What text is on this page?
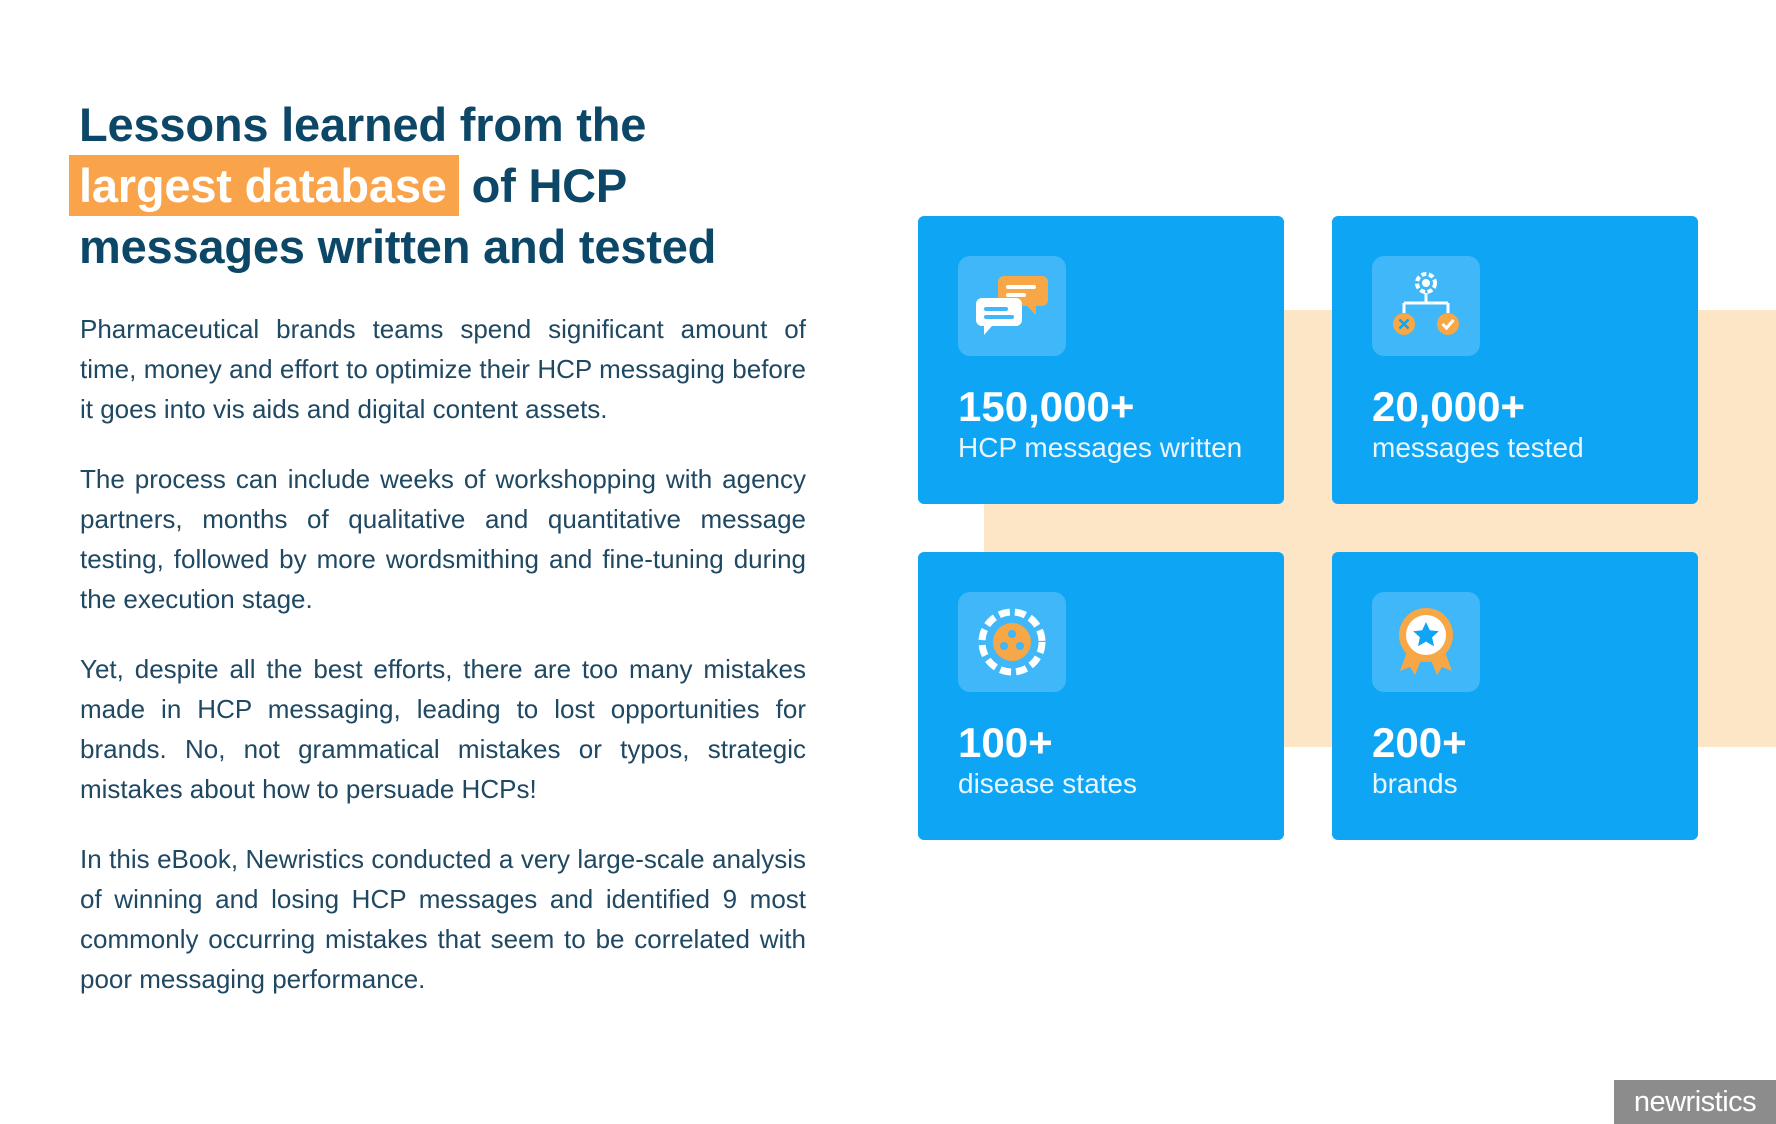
Lessons learned from the
largest database of HCP
messages written and tested

Pharmaceutical brands teams spend significant amount of time, money and effort to optimize their HCP messaging before it goes into vis aids and digital content assets.

The process can include weeks of workshopping with agency partners, months of qualitative and quantitative message testing, followed by more wordsmithing and fine-tuning during the execution stage.

Yet, despite all the best efforts, there are too many mistakes made in HCP messaging, leading to lost opportunities for brands. No, not grammatical mistakes or typos, strategic mistakes about how to persuade HCPs!

In this eBook, Newristics conducted a very large-scale analysis of winning and losing HCP messages and identified 9 most commonly occurring mistakes that seem to be correlated with poor messaging performance.

150,000+
HCP messages written
20,000+
messages tested
100+
disease states
200+
brands
newristics
